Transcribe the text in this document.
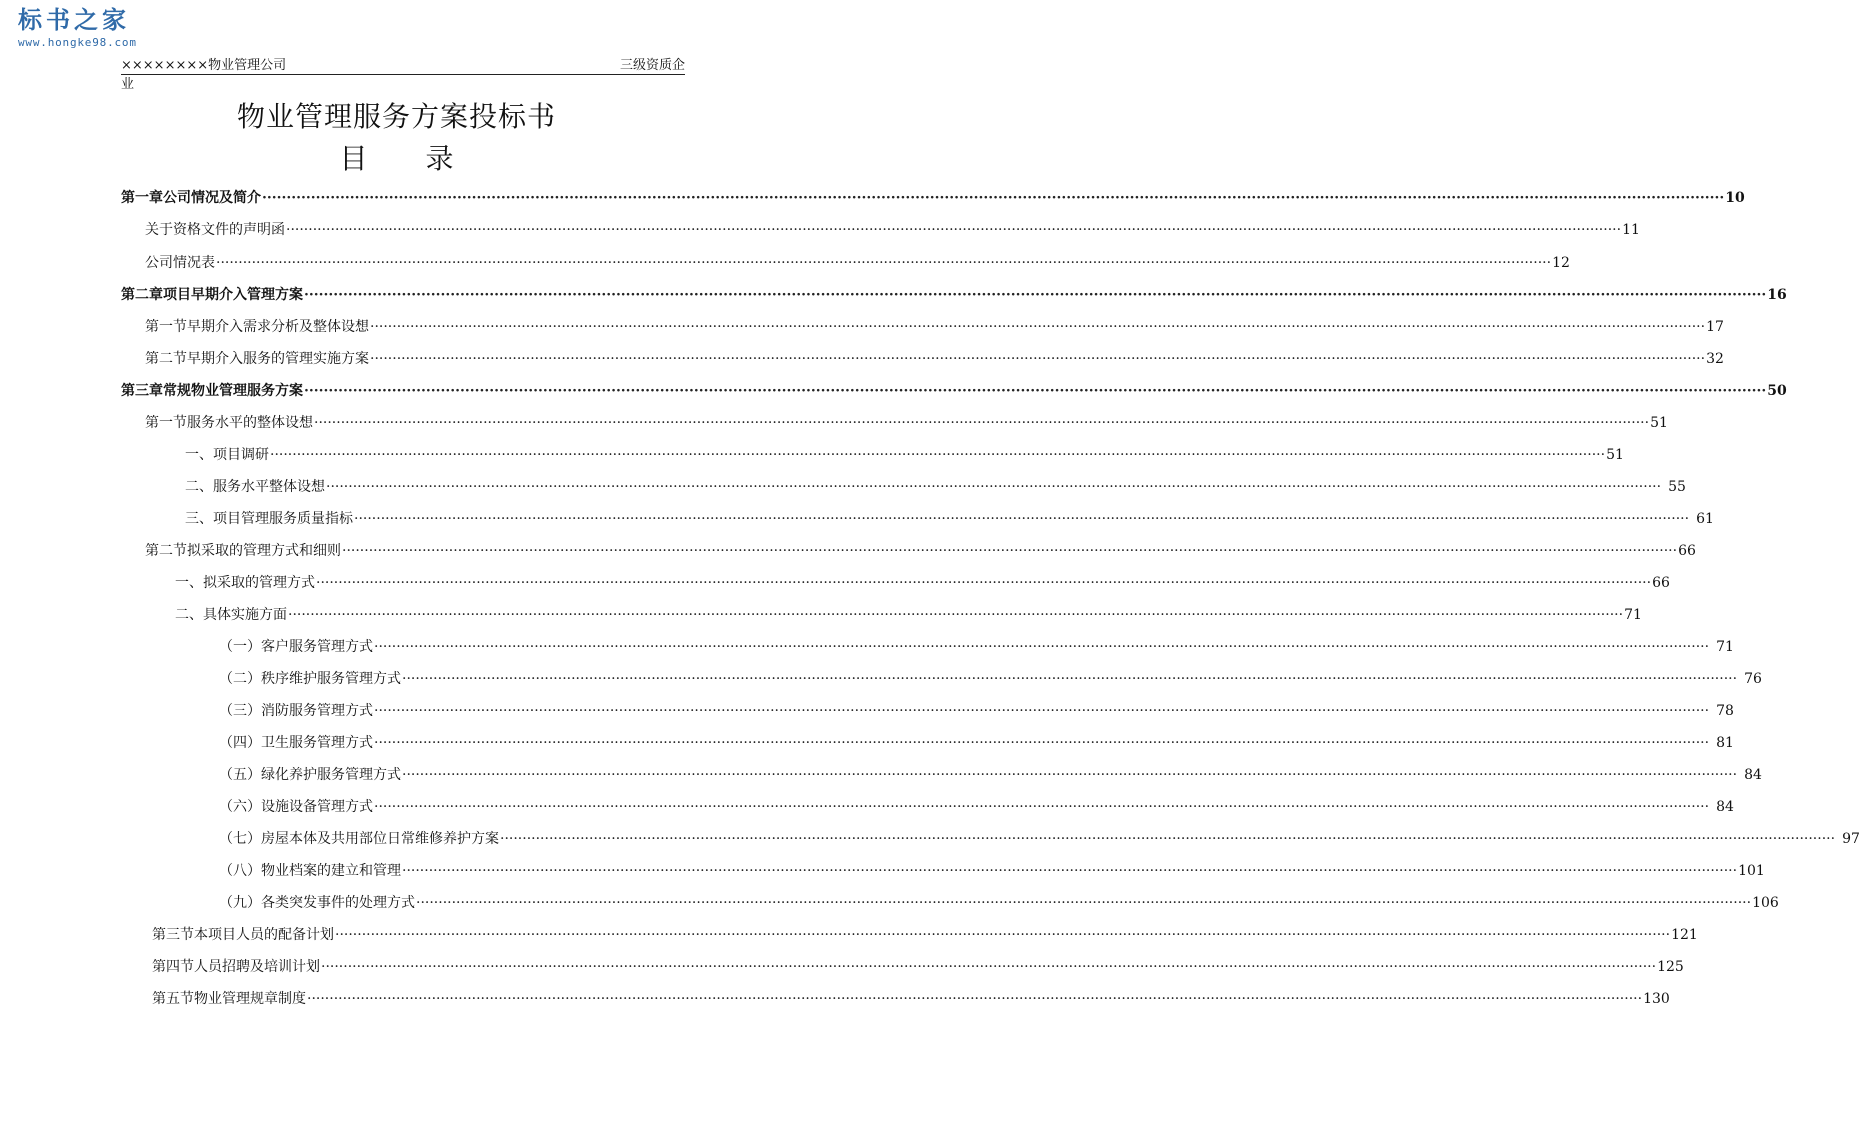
标书之家
www.hongke98.com
××××××××物业管理公司	三级资质企
业
物业管理服务方案投标书
目 录
第一章 公司情况及简介 ············································································································································································································································································································ 10
关于资格文件的声明函 ············································································································································································································································································································ 11
公司情况表 ············································································································································································································································································································ 12
第二章 项目早期介入管理方案 ············································································································································································································································································································ 16
第一节 早期介入需求分析及整体设想 ············································································································································································································································································································ 17
第二节 早期介入服务的管理实施方案 ············································································································································································································································································································ 32
第三章 常规物业管理服务方案 ············································································································································································································································································································ 50
第一节 服务水平的整体设想 ············································································································································································································································································································ 51
一、项目调研 ············································································································································································································································································································ 51
二、服务水平整体设想 ············································································································································································································································································································ 55
三、项目管理服务质量指标 ············································································································································································································································································································ 61
第二节 拟采取的管理方式和细则 ············································································································································································································································································································ 66
一、拟采取的管理方式 ············································································································································································································································································································ 66
二、具体实施方面 ············································································································································································································································································································ 71
（一）客户服务管理方式 ············································································································································································································································································································ 71
（二）秩序维护服务管理方式 ············································································································································································································································································································ 76
（三）消防服务管理方式 ············································································································································································································································································································ 78
（四）卫生服务管理方式 ············································································································································································································································································································ 81
（五）绿化养护服务管理方式 ············································································································································································································································································································ 84
（六）设施设备管理方式 ············································································································································································································································································································ 84
（七）房屋本体及共用部位日常维修养护方案 ············································································································································································································································································································ 97
（八）物业档案的建立和管理 ············································································································································································································································································································ 101
（九）各类突发事件的处理方式 ············································································································································································································································································································ 106
第三节 本项目人员的配备计划 ············································································································································································································································································································ 121
第四节 人员招聘及培训计划 ············································································································································································································································································································ 125
第五节 物业管理规章制度 ············································································································································································································································································································ 130
